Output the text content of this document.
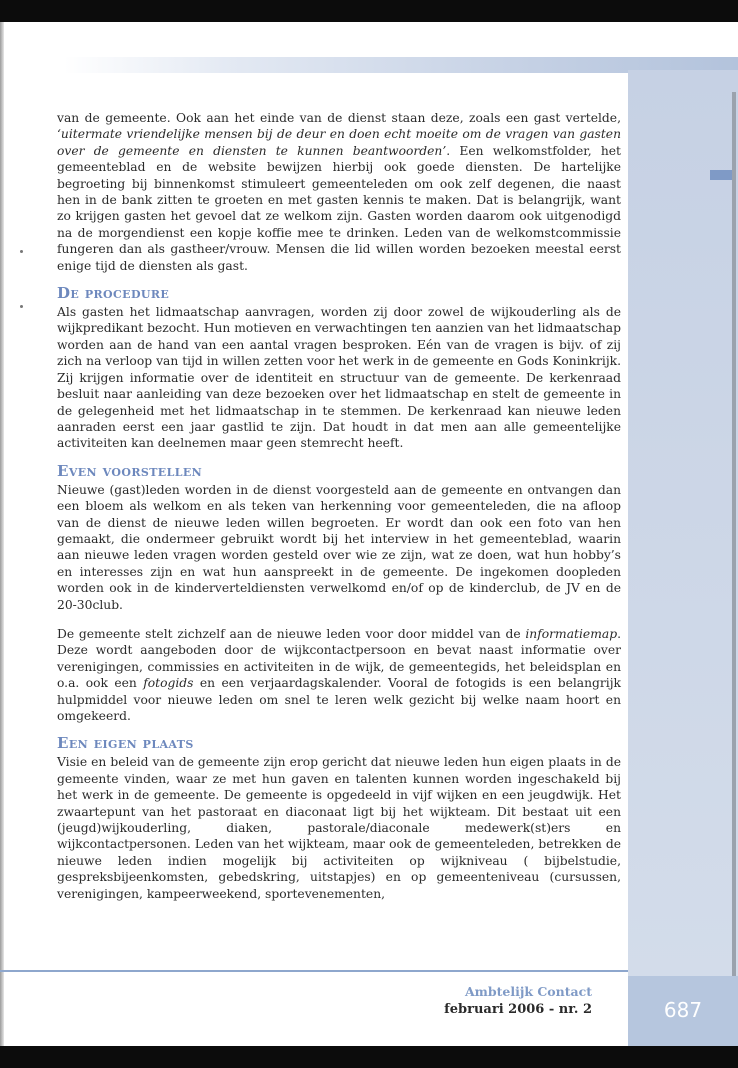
van de gemeente. Ook aan het einde van de dienst staan deze, zoals een gast vertelde, ‘uitermate vriendelijke mensen bij de deur en doen echt moeite om de vragen van gasten over de gemeente en diensten te kunnen beantwoorden’. Een welkomstfolder, het gemeenteblad en de website bewijzen hierbij ook goede diensten. De hartelijke begroeting bij binnenkomst stimuleert gemeenteleden om ook zelf degenen, die naast hen in de bank zitten te groeten en met gasten kennis te maken. Dat is belangrijk, want zo krijgen gasten het gevoel dat ze welkom zijn. Gasten worden daarom ook uitgenodigd na de morgendienst een kopje koffie mee te drinken. Leden van de welkomstcommissie fungeren dan als gastheer/vrouw. Mensen die lid willen worden bezoeken meestal eerst enige tijd de diensten als gast.

De procedure

Als gasten het lidmaatschap aanvragen, worden zij door zowel de wijkouderling als de wijkpredikant bezocht. Hun motieven en verwachtingen ten aanzien van het lidmaatschap worden aan de hand van een aantal vragen besproken. Eén van de vragen is bijv. of zij zich na verloop van tijd in willen zetten voor het werk in de gemeente en Gods Koninkrijk. Zij krijgen informatie over de identiteit en structuur van de gemeente. De kerkenraad besluit naar aanleiding van deze bezoeken over het lidmaatschap en stelt de gemeente in de gelegenheid met het lidmaatschap in te stemmen. De kerkenraad kan nieuwe leden aanraden eerst een jaar gastlid te zijn. Dat houdt in dat men aan alle gemeentelijke activiteiten kan deelnemen maar geen stemrecht heeft.

Even voorstellen

Nieuwe (gast)leden worden in de dienst voorgesteld aan de gemeente en ontvangen dan een bloem als welkom en als teken van herkenning voor gemeenteleden, die na afloop van de dienst de nieuwe leden willen begroeten. Er wordt dan ook een foto van hen gemaakt, die ondermeer gebruikt wordt bij het interview in het gemeenteblad, waarin aan nieuwe leden vragen worden gesteld over wie ze zijn, wat ze doen, wat hun hobby’s en interesses zijn en wat hun aanspreekt in de gemeente. De ingekomen doopleden worden ook in de kinderverteldiensten verwelkomd en/of op de kinderclub, de JV en de 20-30club.

De gemeente stelt zichzelf aan de nieuwe leden voor door middel van de informatiemap. Deze wordt aangeboden door de wijkcontactpersoon en bevat naast informatie over verenigingen, commissies en activiteiten in de wijk, de gemeentegids, het beleidsplan en o.a. ook een fotogids en een verjaardagskalender. Vooral de fotogids is een belangrijk hulpmiddel voor nieuwe leden om snel te leren welk gezicht bij welke naam hoort en omgekeerd.

Een eigen plaats

Visie en beleid van de gemeente zijn erop gericht dat nieuwe leden hun eigen plaats in de gemeente vinden, waar ze met hun gaven en talenten kunnen worden ingeschakeld bij het werk in de gemeente. De gemeente is opgedeeld in vijf wijken en een jeugdwijk. Het zwaartepunt van het pastoraat en diaconaat ligt bij het wijkteam. Dit bestaat uit een (jeugd)wijkouderling, diaken, pastorale/diaconale medewerk(st)ers en wijkcontactpersonen. Leden van het wijkteam, maar ook de gemeenteleden, betrekken de nieuwe leden indien mogelijk bij activiteiten op wijkniveau ( bijbelstudie, gespreksbijeenkomsten, gebedskring, uitstapjes) en op gemeenteniveau (cursussen, verenigingen, kampeerweekend, sportevenementen,

Ambtelijk Contact
februari 2006 - nr. 2	687
